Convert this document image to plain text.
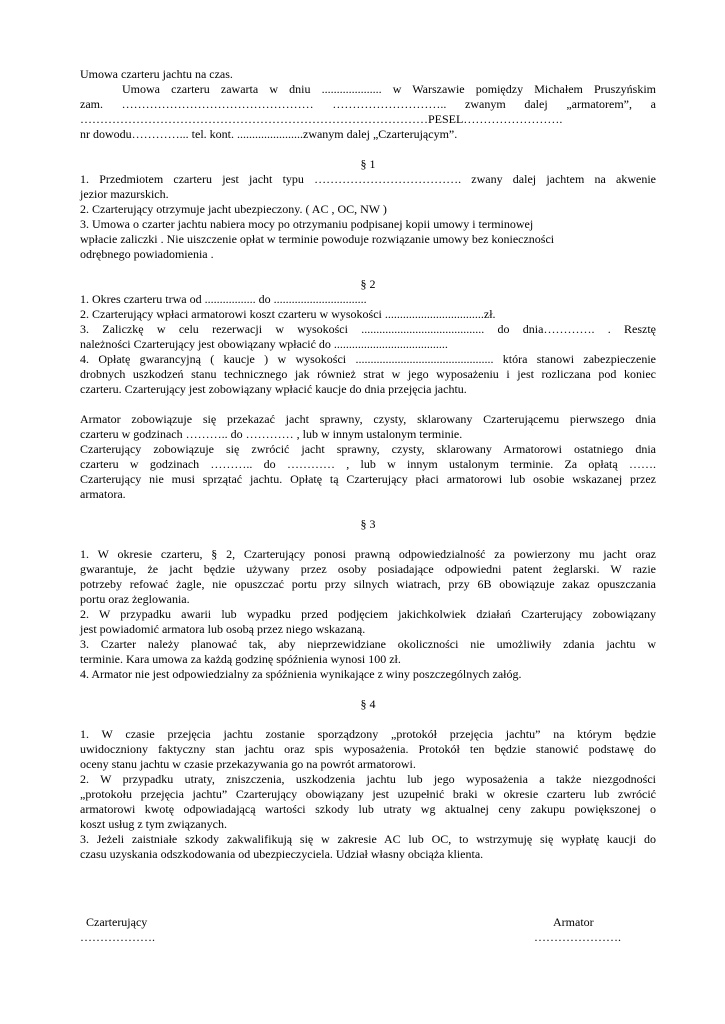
Umowa czarteru jachtu na czas.

Umowa czarteru zawarta w dniu .................... w Warszawie pomiędzy Michałem Pruszyńskim

zam. ………………………………………… ……………………….. zwanym dalej „armatorem”, a

……………………………………………………………………………PESEL…………………….

nr dowodu…………... tel. kont. ......................zwanym dalej „Czarterującym”.

§ 1

1. Przedmiotem czarteru jest jacht typu ………………………………. zwany dalej jachtem na akwenie

jezior mazurskich.

2. Czarterujący otrzymuje jacht ubezpieczony. ( AC , OC, NW )

3. Umowa o czarter jachtu nabiera mocy po otrzymaniu podpisanej kopii umowy i terminowej

wpłacie zaliczki . Nie uiszczenie opłat w terminie powoduje rozwiązanie umowy bez konieczności

odrębnego powiadomienia .

§ 2

1. Okres czarteru trwa od ................. do ...............................

2. Czarterujący wpłaci armatorowi koszt czarteru w wysokości .................................zł.

3. Zaliczkę w celu rezerwacji w wysokości ......................................... do dnia…………. . Resztę

należności Czarterujący jest obowiązany wpłacić do ......................................

4. Opłatę gwarancyjną ( kaucje ) w wysokości .............................................. która stanowi zabezpieczenie

drobnych uszkodzeń stanu technicznego jak również strat w jego wyposażeniu i jest rozliczana pod koniec

czarteru. Czarterujący jest zobowiązany wpłacić kaucje do dnia przejęcia jachtu.

Armator zobowiązuje się przekazać jacht sprawny, czysty, sklarowany Czarterującemu pierwszego dnia

czarteru w godzinach ……….. do ………… , lub w innym ustalonym terminie.

Czarterujący zobowiązuje się zwrócić jacht sprawny, czysty, sklarowany Armatorowi ostatniego dnia

czarteru w godzinach ……….. do ………… , lub w innym ustalonym terminie. Za opłatą …….

Czarterujący nie musi sprzątać jachtu. Opłatę tą Czarterujący płaci armatorowi lub osobie wskazanej przez

armatora.

§ 3

1. W okresie czarteru, § 2, Czarterujący ponosi prawną odpowiedzialność za powierzony mu jacht oraz

gwarantuje, że jacht będzie używany przez osoby posiadające odpowiedni patent żeglarski. W razie

potrzeby refować żagle, nie opuszczać portu przy silnych wiatrach, przy 6B obowiązuje zakaz opuszczania

portu oraz żeglowania.

2. W przypadku awarii lub wypadku przed podjęciem jakichkolwiek działań Czarterujący zobowiązany

jest powiadomić armatora lub osobą przez niego wskazaną.

3. Czarter należy planować tak, aby nieprzewidziane okoliczności nie umożliwiły zdania jachtu w

terminie. Kara umowa za każdą godzinę spóźnienia wynosi 100 zł.

4. Armator nie jest odpowiedzialny za spóźnienia wynikające z winy poszczególnych załóg.

§ 4

1. W czasie przejęcia jachtu zostanie sporządzony „protokół przejęcia jachtu” na którym będzie

uwidoczniony faktyczny stan jachtu oraz spis wyposażenia. Protokół ten będzie stanowić podstawę do

oceny stanu jachtu w czasie przekazywania go na powrót armatorowi.

2. W przypadku utraty, zniszczenia, uszkodzenia jachtu lub jego wyposażenia a także niezgodności

„protokołu przejęcia jachtu” Czarterujący obowiązany jest uzupełnić braki w okresie czarteru lub zwrócić

armatorowi kwotę odpowiadającą wartości szkody lub utraty wg aktualnej ceny zakupu powiększonej o

koszt usług z tym związanych.

3. Jeżeli zaistniałe szkody zakwalifikują się w zakresie AC lub OC, to wstrzymuję się wypłatę kaucji do

czasu uzyskania odszkodowania od ubezpieczyciela. Udział własny obciąża klienta.

Czarterujący
……………….
Armator
………………….
